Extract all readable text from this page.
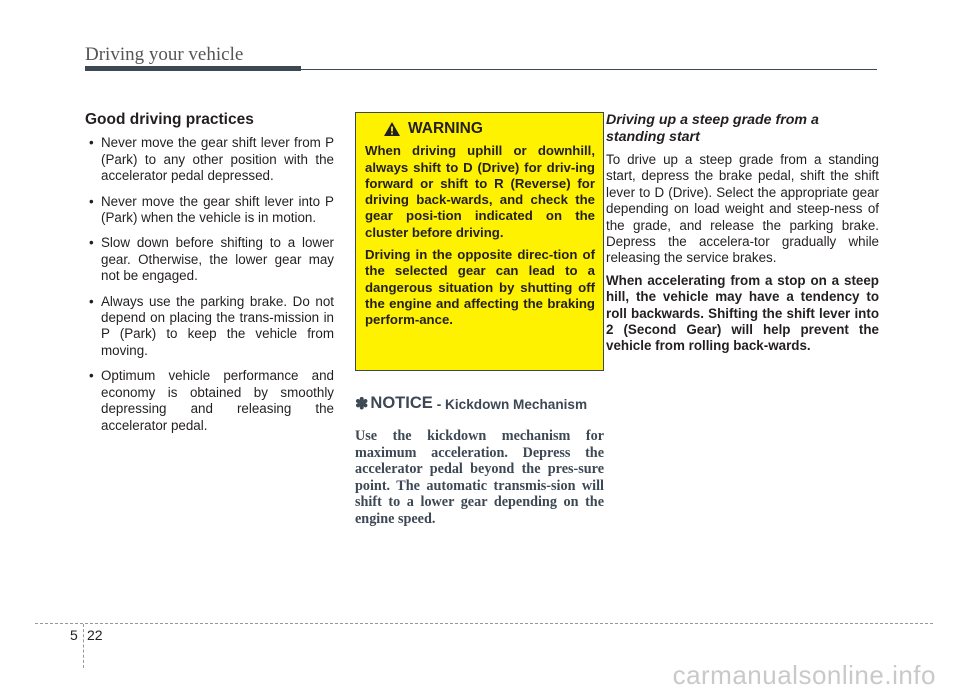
Driving your vehicle
Good driving practices
• Never move the gear shift lever from P (Park) to any other position with the accelerator pedal depressed.
• Never move the gear shift lever into P (Park) when the vehicle is in motion.
• Slow down before shifting to a lower gear. Otherwise, the lower gear may not be engaged.
• Always use the parking brake. Do not depend on placing the trans-mission in P (Park) to keep the vehicle from moving.
• Optimum vehicle performance and economy is obtained by smoothly depressing and releasing the accelerator pedal.
WARNING

When driving uphill or downhill, always shift to D (Drive) for driv-ing forward or shift to R (Reverse) for driving back-wards, and check the gear posi-tion indicated on the cluster before driving.

Driving in the opposite direc-tion of the selected gear can lead to a dangerous situation by shutting off the engine and affecting the braking perform-ance.

✽ NOTICE - Kickdown Mechanism
Use the kickdown mechanism for maximum acceleration. Depress the accelerator pedal beyond the pres-sure point. The automatic transmis-sion will shift to a lower gear depending on the engine speed.
Driving up a steep grade from a standing start

To drive up a steep grade from a standing start, depress the brake pedal, shift the shift lever to D (Drive). Select the appropriate gear depending on load weight and steep-ness of the grade, and release the parking brake. Depress the accelera-tor gradually while releasing the service brakes.

When accelerating from a stop on a steep hill, the vehicle may have a tendency to roll backwards. Shifting the shift lever into 2 (Second Gear) will help prevent the vehicle from rolling back-wards.

5 22
carmanualsonline.info
